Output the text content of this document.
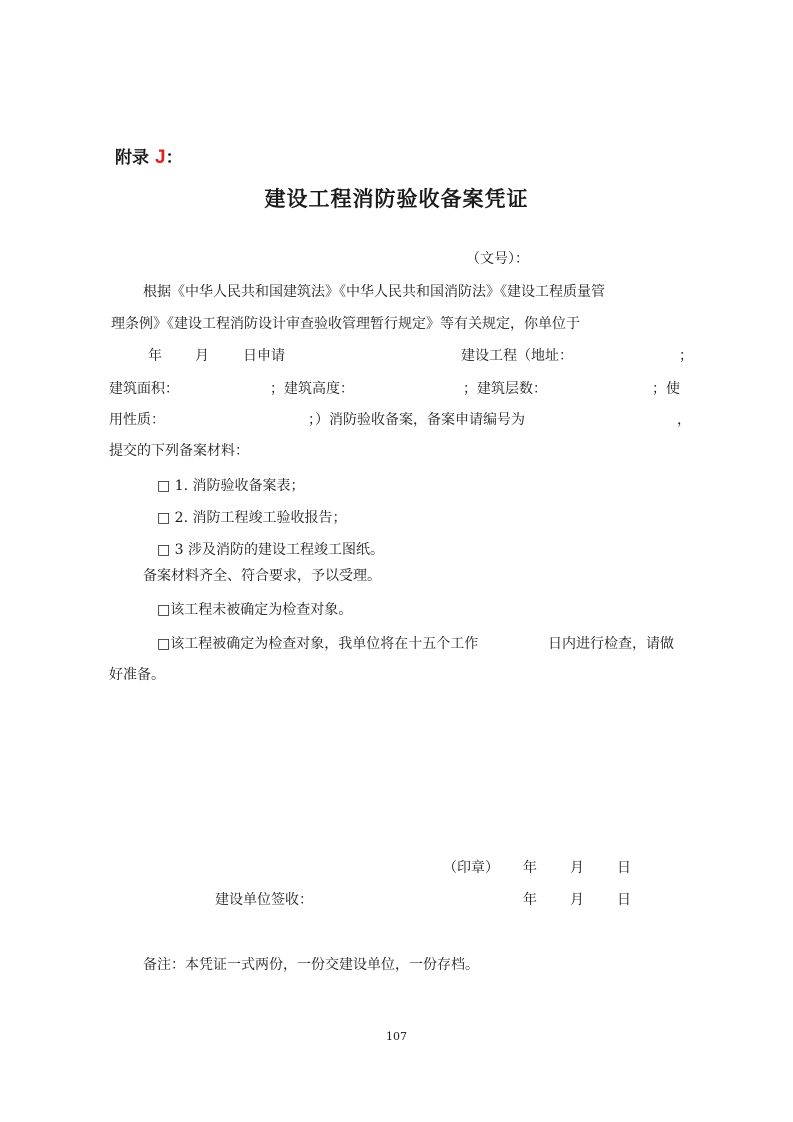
附录 J：
建设工程消防验收备案凭证
（文号）：
根据《中华人民共和国建筑法》《中华人民共和国消防法》《建设工程质量管
理条例》《建设工程消防设计审查验收管理暂行规定》等有关规定，你单位于
年 月 日申请	建设工程（地址：	；
建筑面积：	；建筑高度：	；建筑层数：	；使
用性质：	；）消防验收备案，备案申请编号为	，
提交的下列备案材料：
□ 1. 消防验收备案表；
□ 2. 消防工程竣工验收报告；
□ 3 涉及消防的建设工程竣工图纸。
备案材料齐全、符合要求，予以受理。
□该工程未被确定为检查对象。
□该工程被确定为检查对象，我单位将在十五个工作	日内进行检查，请做
好准备。
（印章） 年 月 日
建设单位签收：	年 月 日
备注：本凭证一式两份，一份交建设单位，一份存档。
107
